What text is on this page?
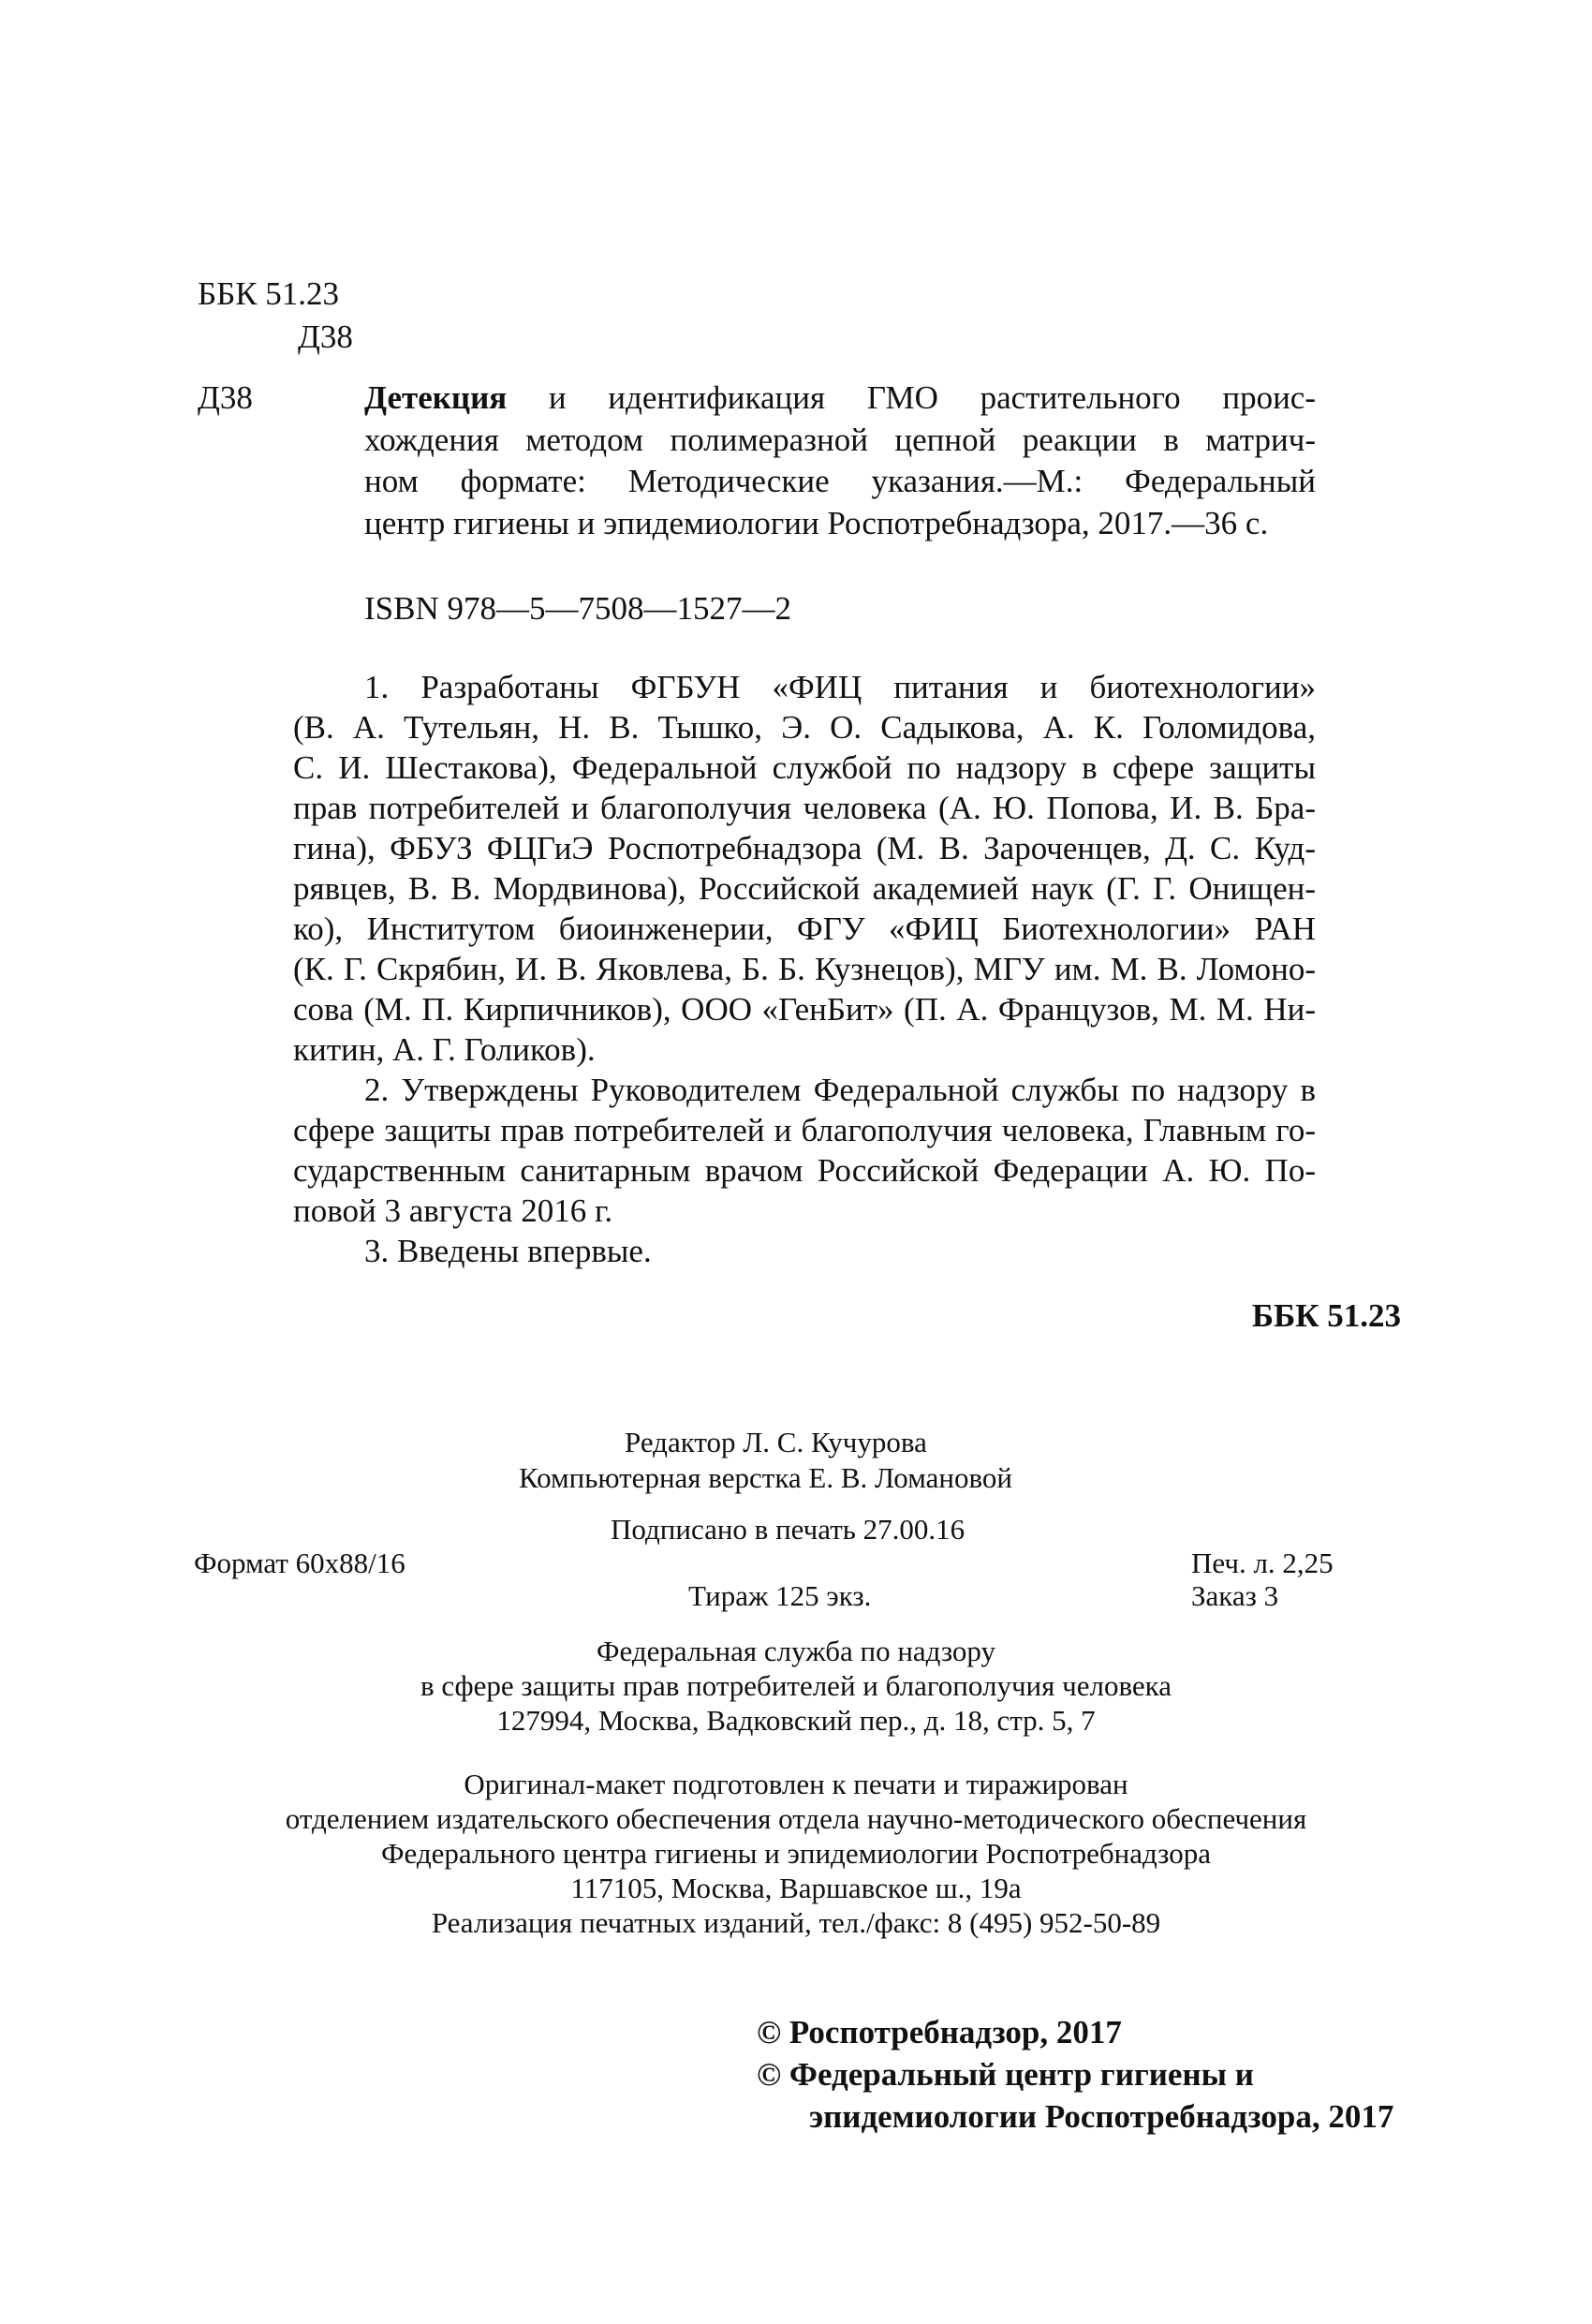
ББК 51.23
Д38
Д38	Детекция и идентификация ГМО растительного проис-
хождения методом полимеразной цепной реакции в матрич-
ном формате: Методические указания.—М.: Федеральный
центр гигиены и эпидемиологии Роспотребнадзора, 2017.—36 с.
ISBN 978—5—7508—1527—2
1. Разработаны ФГБУН «ФИЦ питания и биотехнологии»
(В. А. Тутельян, Н. В. Тышко, Э. О. Садыкова, А. К. Голомидова,
С. И. Шестакова), Федеральной службой по надзору в сфере защиты
прав потребителей и благополучия человека (А. Ю. Попова, И. В. Бра-
гина), ФБУЗ ФЦГиЭ Роспотребнадзора (М. В. Зароченцев, Д. С. Куд-
рявцев, В. В. Мордвинова), Российской академией наук (Г. Г. Онищен-
ко), Институтом биоинженерии, ФГУ «ФИЦ Биотехнологии» РАН
(К. Г. Скрябин, И. В. Яковлева, Б. Б. Кузнецов), МГУ им. М. В. Ломоно-
сова (М. П. Кирпичников), ООО «ГенБит» (П. А. Французов, М. М. Ни-
китин, А. Г. Голиков).
2. Утверждены Руководителем Федеральной службы по надзору в
сфере защиты прав потребителей и благополучия человека, Главным го-
сударственным санитарным врачом Российской Федерации А. Ю. По-
повой 3 августа 2016 г.
3. Введены впервые.
ББК 51.23
Редактор Л. С. Кучурова
Компьютерная верстка Е. В. Ломановой
Подписано в печать 27.00.16
Формат 60x88/16	Печ. л. 2,25
Тираж 125 экз.	Заказ 3
Федеральная служба по надзору
в сфере защиты прав потребителей и благополучия человека
127994, Москва, Вадковский пер., д. 18, стр. 5, 7
Оригинал-макет подготовлен к печати и тиражирован
отделением издательского обеспечения отдела научно-методического обеспечения
Федерального центра гигиены и эпидемиологии Роспотребнадзора
117105, Москва, Варшавское ш., 19а
Реализация печатных изданий, тел./факс: 8 (495) 952-50-89
© Роспотребнадзор, 2017
© Федеральный центр гигиены и
эпидемиологии Роспотребнадзора, 2017
